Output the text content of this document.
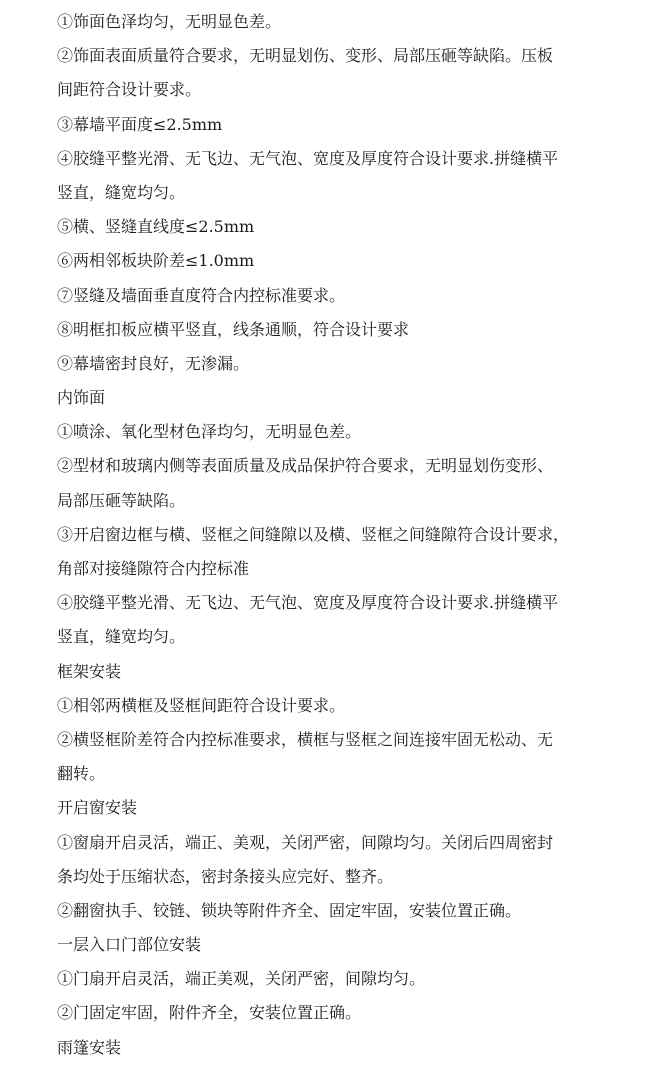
①饰面色泽均匀，无明显色差。
②饰面表面质量符合要求，无明显划伤、变形、局部压砸等缺陷。压板
间距符合设计要求。
③幕墙平面度≤2.5mm
④胶缝平整光滑、无飞边、无气泡、宽度及厚度符合设计要求.拼缝横平
竖直，缝宽均匀。
⑤横、竖缝直线度≤2.5mm
⑥两相邻板块阶差≤1.0mm
⑦竖缝及墙面垂直度符合内控标准要求。
⑧明框扣板应横平竖直，线条通顺，符合设计要求
⑨幕墙密封良好，无渗漏。
内饰面
①喷涂、氧化型材色泽均匀，无明显色差。
②型材和玻璃内侧等表面质量及成品保护符合要求，无明显划伤变形、
局部压砸等缺陷。
③开启窗边框与横、竖框之间缝隙以及横、竖框之间缝隙符合设计要求，
角部对接缝隙符合内控标准
④胶缝平整光滑、无飞边、无气泡、宽度及厚度符合设计要求.拼缝横平
竖直，缝宽均匀。
框架安装
①相邻两横框及竖框间距符合设计要求。
②横竖框阶差符合内控标准要求，横框与竖框之间连接牢固无松动、无
翻转。
开启窗安装
①窗扇开启灵活，端正、美观，关闭严密，间隙均匀。关闭后四周密封
条均处于压缩状态，密封条接头应完好、整齐。
②翻窗执手、铰链、锁块等附件齐全、固定牢固，安装位置正确。
一层入口门部位安装
①门扇开启灵活，端正美观，关闭严密，间隙均匀。
②门固定牢固，附件齐全，安装位置正确。
雨篷安装
